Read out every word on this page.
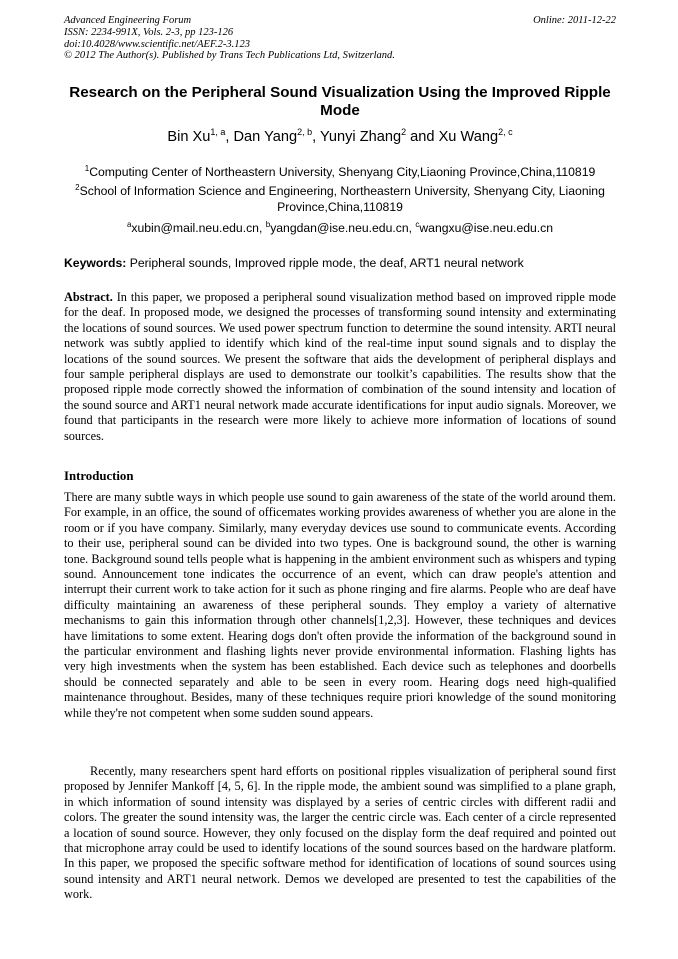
Advanced Engineering Forum
ISSN: 2234-991X, Vols. 2-3, pp 123-126
doi:10.4028/www.scientific.net/AEF.2-3.123
© 2012 The Author(s). Published by Trans Tech Publications Ltd, Switzerland.
Online: 2011-12-22
Research on the Peripheral Sound Visualization Using the Improved Ripple Mode
Bin Xu$^{1, a}$, Dan Yang$^{2, b}$, Yunyi Zhang$^2$ and Xu Wang$^{2, c}$
$^1$Computing Center of Northeastern University, Shenyang City,Liaoning Province,China,110819
$^2$School of Information Science and Engineering, Northeastern University, Shenyang City, Liaoning Province,China,110819
$^a$xubin@mail.neu.edu.cn, $^b$yangdan@ise.neu.edu.cn, $^c$wangxu@ise.neu.edu.cn
Keywords: Peripheral sounds, Improved ripple mode, the deaf, ART1 neural network
Abstract. In this paper, we proposed a peripheral sound visualization method based on improved ripple mode for the deaf. In proposed mode, we designed the processes of transforming sound intensity and exterminating the locations of sound sources. We used power spectrum function to determine the sound intensity. ARTI neural network was subtly applied to identify which kind of the real-time input sound signals and to display the locations of the sound sources. We present the software that aids the development of peripheral displays and four sample peripheral displays are used to demonstrate our toolkit’s capabilities. The results show that the proposed ripple mode correctly showed the information of combination of the sound intensity and location of the sound source and ART1 neural network made accurate identifications for input audio signals. Moreover, we found that participants in the research were more likely to achieve more information of locations of sound sources.
Introduction
There are many subtle ways in which people use sound to gain awareness of the state of the world around them. For example, in an office, the sound of officemates working provides awareness of whether you are alone in the room or if you have company. Similarly, many everyday devices use sound to communicate events. According to their use, peripheral sound can be divided into two types. One is background sound, the other is warning tone. Background sound tells people what is happening in the ambient environment such as whispers and typing sound. Announcement tone indicates the occurrence of an event, which can draw people's attention and interrupt their current work to take action for it such as phone ringing and fire alarms. People who are deaf have difficulty maintaining an awareness of these peripheral sounds. They employ a variety of alternative mechanisms to gain this information through other channels[1,2,3]. However, these techniques and devices have limitations to some extent. Hearing dogs don't often provide the information of the background sound in the particular environment and flashing lights never provide environmental information. Flashing lights has very high investments when the system has been established. Each device such as telephones and doorbells should be connected separately and able to be seen in every room. Hearing dogs need high-qualified maintenance throughout. Besides, many of these techniques require priori knowledge of the sound monitoring while they're not competent when some sudden sound appears.
Recently, many researchers spent hard efforts on positional ripples visualization of peripheral sound first proposed by Jennifer Mankoff [4, 5, 6]. In the ripple mode, the ambient sound was simplified to a plane graph, in which information of sound intensity was displayed by a series of centric circles with different radii and colors. The greater the sound intensity was, the larger the centric circle was. Each center of a circle represented a location of sound source. However, they only focused on the display form the deaf required and pointed out that microphone array could be used to identify locations of the sound sources based on the hardware platform. In this paper, we proposed the specific software method for identification of locations of sound sources using sound intensity and ART1 neural network. Demos we developed are presented to test the capabilities of the work.
